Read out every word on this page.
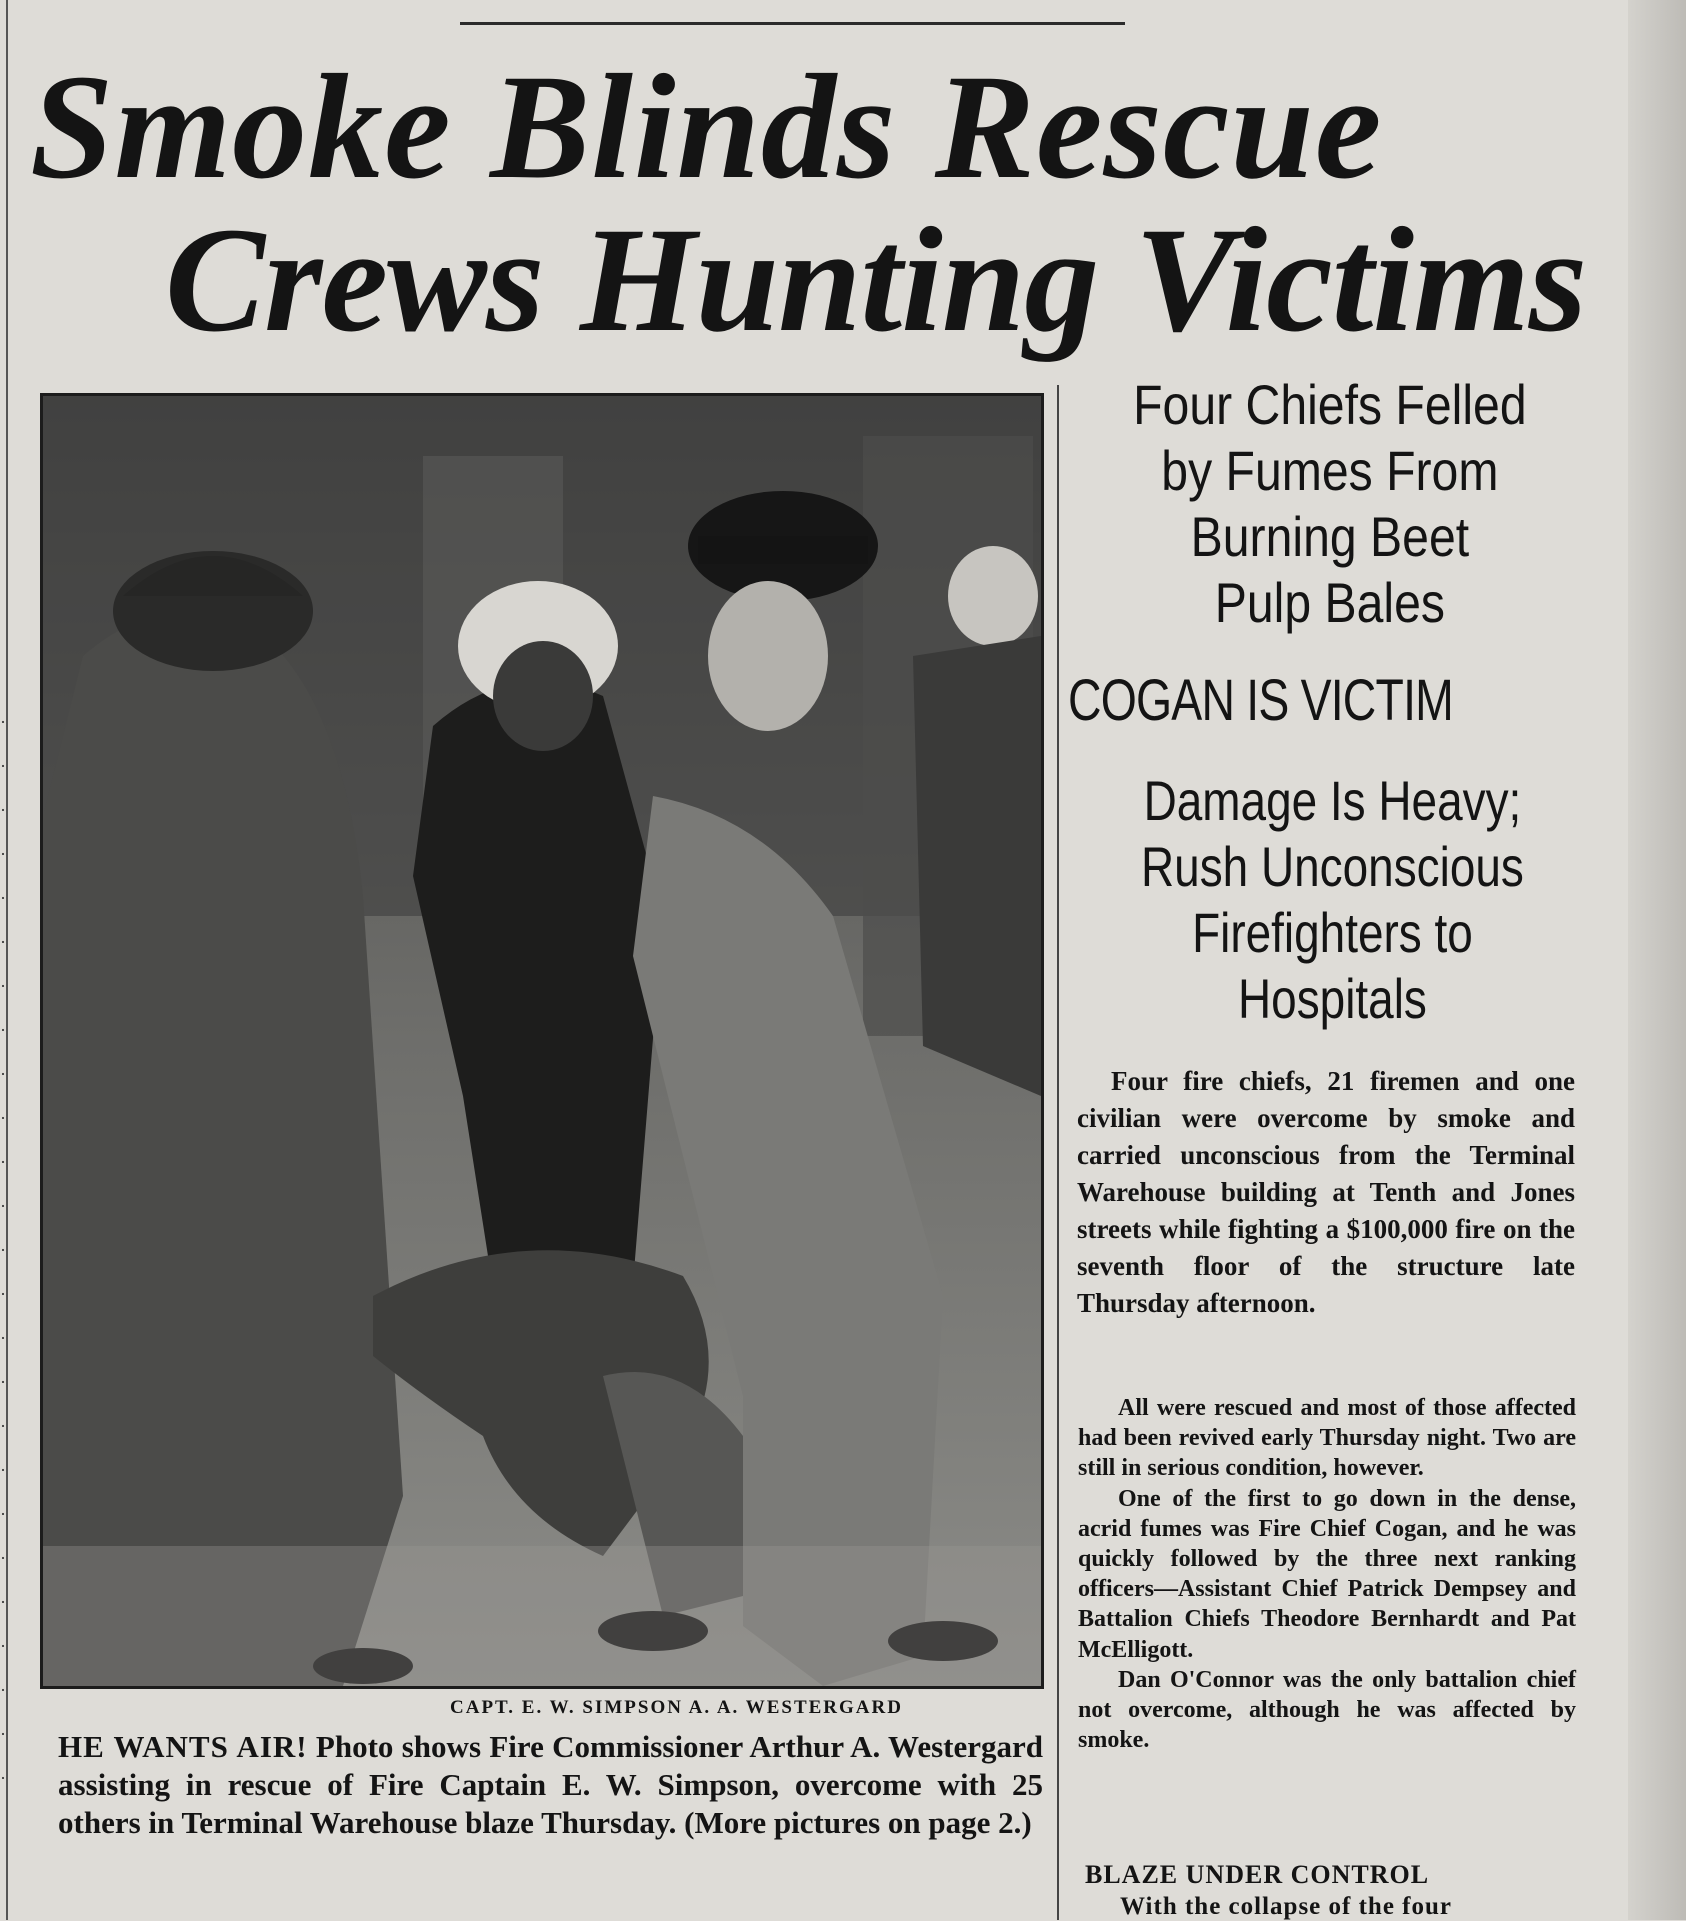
·
·
·
·
·
·
·
·
·
·
·
·
·
·
·
·
·
·
·
·
·
·
·
·
·
Smoke Blinds Rescue
Crews Hunting Victims
CAPT. E. W. SIMPSON A. A. WESTERGARD
HE WANTS AIR! Photo shows Fire Commissioner Arthur A. Westergard assisting in rescue of Fire Captain E. W. Simpson, overcome with 25 others in Terminal Warehouse blaze Thursday. (More pictures on page 2.)
Four Chiefs Felled
by Fumes From
Burning Beet
Pulp Bales
COGAN IS VICTIM
Damage Is Heavy;
Rush Unconscious
Firefighters to
Hospitals
Four fire chiefs, 21 firemen and one civilian were overcome by smoke and carried unconscious from the Terminal Warehouse building at Tenth and Jones streets while fighting a $100,000 fire on the seventh floor of the structure late Thursday afternoon.

All were rescued and most of those affected had been revived early Thursday night. Two are still in serious condition, however.

One of the first to go down in the dense, acrid fumes was Fire Chief Cogan, and he was quickly followed by the three next ranking officers—Assistant Chief Patrick Dempsey and Battalion Chiefs Theodore Bernhardt and Pat McElligott.

Dan O'Connor was the only battalion chief not overcome, although he was affected by smoke.

BLAZE UNDER CONTROL
With the collapse of the four
